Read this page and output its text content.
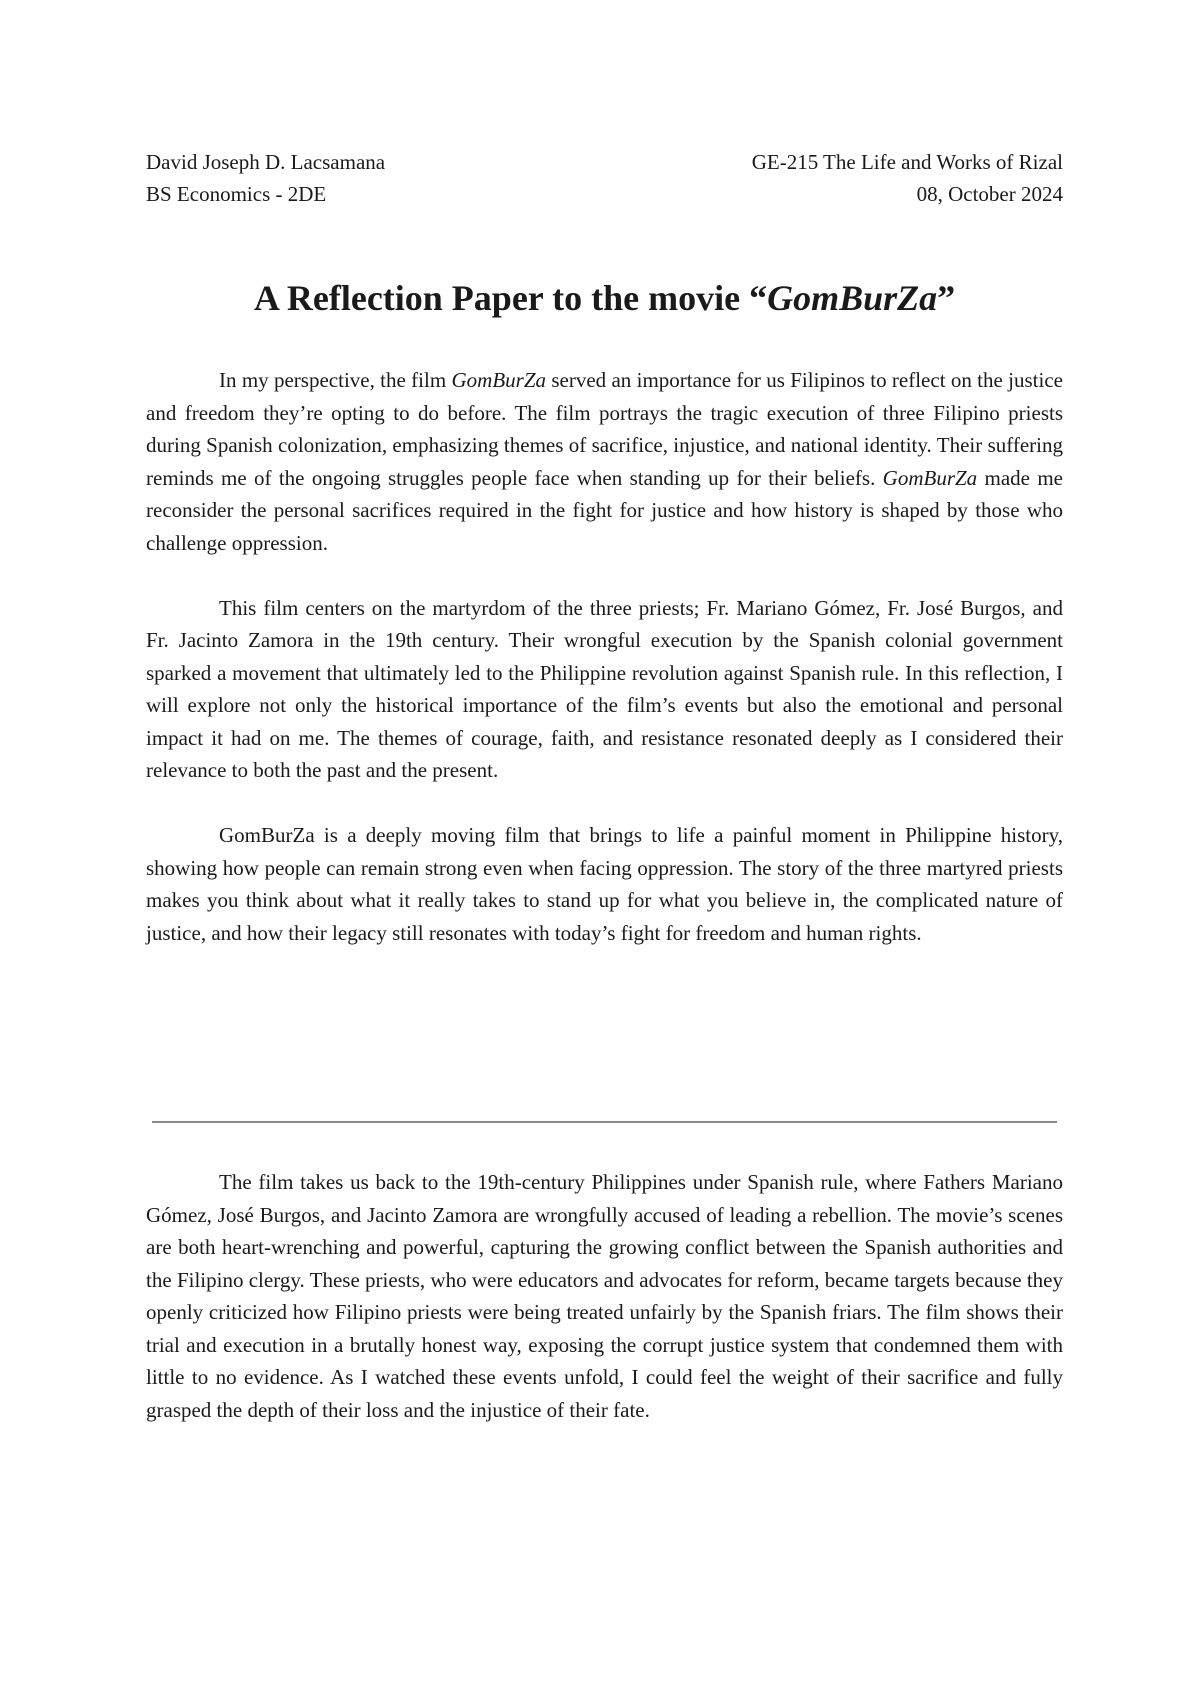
David Joseph D. Lacsamana	GE-215 The Life and Works of Rizal
BS Economics - 2DE	08, October 2024
A Reflection Paper to the movie “GomBurZa”

In my perspective, the film GomBurZa served an importance for us Filipinos to reflect on the justice and freedom they’re opting to do before. The film portrays the tragic execution of three Filipino priests during Spanish colonization, emphasizing themes of sacrifice, injustice, and national identity. Their suffering reminds me of the ongoing struggles people face when standing up for their beliefs. GomBurZa made me reconsider the personal sacrifices required in the fight for justice and how history is shaped by those who challenge oppression.

This film centers on the martyrdom of the three priests; Fr. Mariano Gómez, Fr. José Burgos, and Fr. Jacinto Zamora in the 19th century. Their wrongful execution by the Spanish colonial government sparked a movement that ultimately led to the Philippine revolution against Spanish rule. In this reflection, I will explore not only the historical importance of the film’s events but also the emotional and personal impact it had on me. The themes of courage, faith, and resistance resonated deeply as I considered their relevance to both the past and the present.

GomBurZa is a deeply moving film that brings to life a painful moment in Philippine history, showing how people can remain strong even when facing oppression. The story of the three martyred priests makes you think about what it really takes to stand up for what you believe in, the complicated nature of justice, and how their legacy still resonates with today’s fight for freedom and human rights.

The film takes us back to the 19th-century Philippines under Spanish rule, where Fathers Mariano Gómez, José Burgos, and Jacinto Zamora are wrongfully accused of leading a rebellion. The movie’s scenes are both heart-wrenching and powerful, capturing the growing conflict between the Spanish authorities and the Filipino clergy. These priests, who were educators and advocates for reform, became targets because they openly criticized how Filipino priests were being treated unfairly by the Spanish friars. The film shows their trial and execution in a brutally honest way, exposing the corrupt justice system that condemned them with little to no evidence. As I watched these events unfold, I could feel the weight of their sacrifice and fully grasped the depth of their loss and the injustice of their fate.
